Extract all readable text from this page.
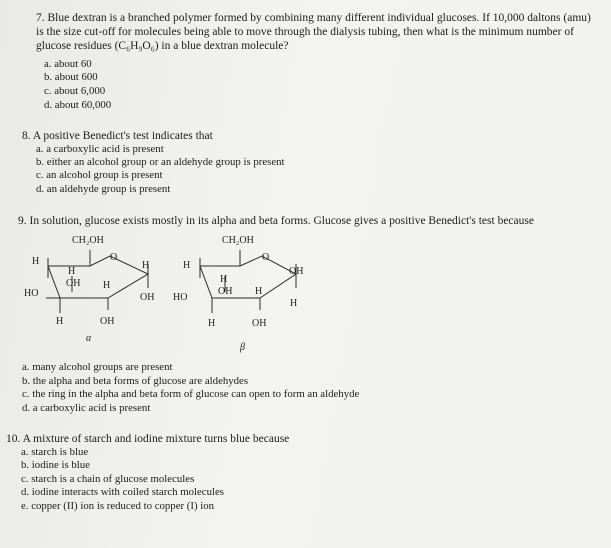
7. Blue dextran is a branched polymer formed by combining many different individual glucoses. If 10,000 daltons (amu)
is the size cut-off for molecules being able to move through the dialysis tubing, then what is the minimum number of
glucose residues (C₆H₉O₆) in a blue dextran molecule?
a. about 60
b. about 600
c. about 6,000
d. about 60,000
8. A positive Benedict's test indicates that
a. a carboxylic acid is present
b. either an alcohol group or an aldehyde group is present
c. an alcohol group is present
d. an aldehyde group is present
9. In solution, glucose exists mostly in its alpha and beta forms. Glucose gives a positive Benedict's test because
CH₂OH
O
H
H
OH
H
H
HO	OH
H	OH
α
CH₂OH
O
H
H
OH
OH
H
HO
H
H	OH
β
a. many alcohol groups are present
b. the alpha and beta forms of glucose are aldehydes
c. the ring in the alpha and beta form of glucose can open to form an aldehyde
d. a carboxylic acid is present
10. A mixture of starch and iodine mixture turns blue because
a. starch is blue
b. iodine is blue
c. starch is a chain of glucose molecules
d. iodine interacts with coiled starch molecules
e. copper (II) ion is reduced to copper (I) ion
